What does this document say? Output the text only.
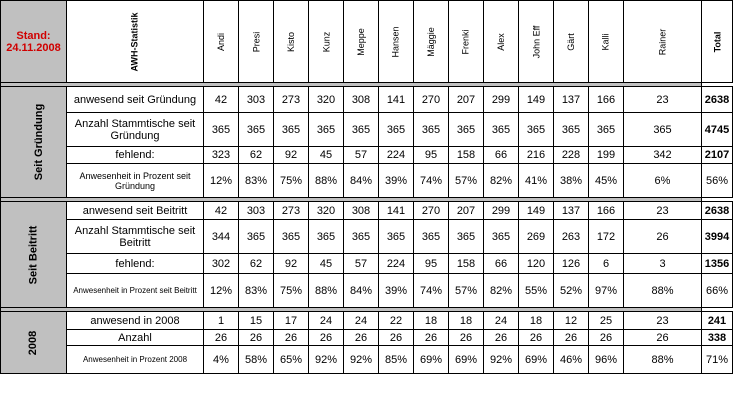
Stand:
24.11.2008	AWH-Statistik	Andi	Presi	Kisto	Kunz	Meppe	Hansen	Mäggie	Frenki	Alex	John Eff	Gärt	Kalli	Rainer	Total

Seit Gründung	anwesend seit Gründung	42	303	273	320	308	141	270	207	299	149	137	166	23	2638
	Anzahl Stammtische seit Gründung	365	365	365	365	365	365	365	365	365	365	365	365	365	4745
	fehlend:	323	62	92	45	57	224	95	158	66	216	228	199	342	2107
	Anwesenheit in Prozent seit Gründung	12%	83%	75%	88%	84%	39%	74%	57%	82%	41%	38%	45%	6%	56%

Seit Beitritt	anwesend seit Beitritt	42	303	273	320	308	141	270	207	299	149	137	166	23	2638
	Anzahl Stammtische seit Beitritt	344	365	365	365	365	365	365	365	365	269	263	172	26	3994
	fehlend:	302	62	92	45	57	224	95	158	66	120	126	6	3	1356
	Anwesenheit in Prozent seit Beitritt	12%	83%	75%	88%	84%	39%	74%	57%	82%	55%	52%	97%	88%	66%

2008	anwesend in 2008	1	15	17	24	24	22	18	18	24	18	12	25	23	241
	Anzahl	26	26	26	26	26	26	26	26	26	26	26	26	26	338
	Anwesenheit in Prozent 2008	4%	58%	65%	92%	92%	85%	69%	69%	92%	69%	46%	96%	88%	71%
